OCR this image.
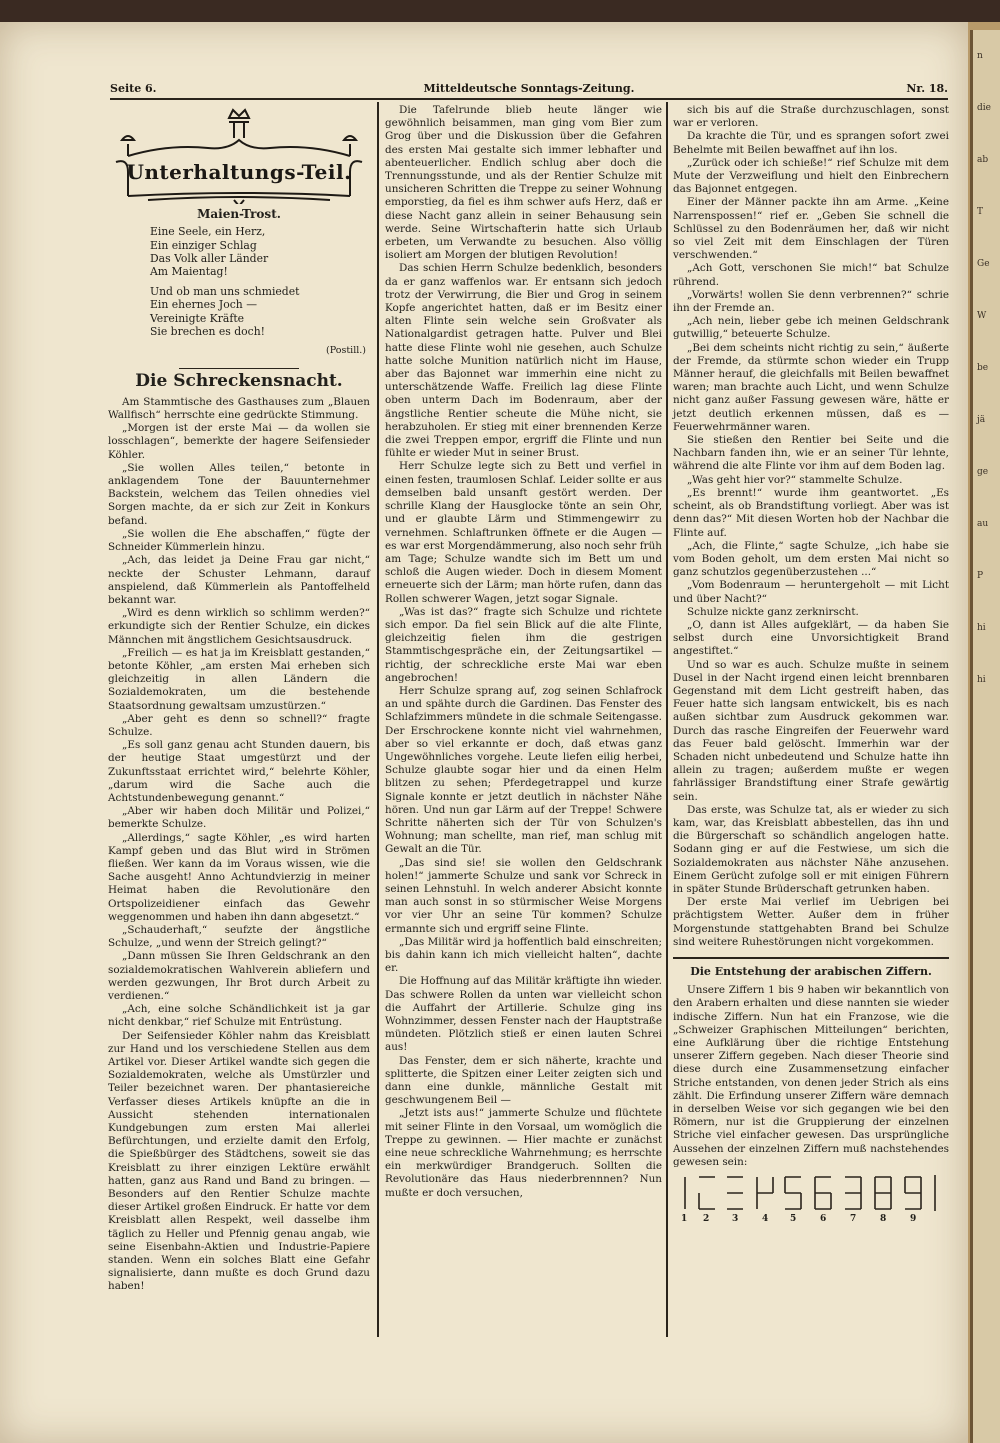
n
die
ab
T
Ge
W
be
jä
ge
au
P
hi
hi
Seite 6.	Mitteldeutsche Sonntags-Zeitung.	Nr. 18.
Unterhaltungs-Teil.
Maien-Trost.
Eine Seele, ein Herz,
Ein einziger Schlag
Das Volk aller Länder
Am Maientag!
Und ob man uns schmiedet
Ein ehernes Joch —
Vereinigte Kräfte
Sie brechen es doch!
(Postill.)
Die Schreckensnacht.

Am Stammtische des Gasthauses zum „Blauen Wallfisch“ herrschte eine gedrückte Stimmung.

„Morgen ist der erste Mai — da wollen sie losschlagen“, bemerkte der hagere Seifensieder Köhler.

„Sie wollen Alles teilen,“ betonte in anklagendem Tone der Bauunternehmer Backstein, welchem das Teilen ohnedies viel Sorgen machte, da er sich zur Zeit in Konkurs befand.

„Sie wollen die Ehe abschaffen,“ fügte der Schneider Kümmerlein hinzu.

„Ach, das leidet ja Deine Frau gar nicht,“ neckte der Schuster Lehmann, darauf anspielend, daß Kümmerlein als Pantoffelheld bekannt war.

„Wird es denn wirklich so schlimm werden?“ erkundigte sich der Rentier Schulze, ein dickes Männchen mit ängstlichem Gesichtsausdruck.

„Freilich — es hat ja im Kreisblatt gestanden,“ betonte Köhler, „am ersten Mai erheben sich gleichzeitig in allen Ländern die Sozialdemokraten, um die bestehende Staatsordnung gewaltsam umzustürzen.“

„Aber geht es denn so schnell?“ fragte Schulze.

„Es soll ganz genau acht Stunden dauern, bis der heutige Staat umgestürzt und der Zukunftsstaat errichtet wird,“ belehrte Köhler, „darum wird die Sache auch die Achtstundenbewegung genannt.“

„Aber wir haben doch Militär und Polizei,“ bemerkte Schulze.

„Allerdings,“ sagte Köhler, „es wird harten Kampf geben und das Blut wird in Strömen fließen. Wer kann da im Voraus wissen, wie die Sache ausgeht! Anno Achtundvierzig in meiner Heimat haben die Revolutionäre den Ortspolizeidiener einfach das Gewehr weggenommen und haben ihn dann abgesetzt.“

„Schauderhaft,“ seufzte der ängstliche Schulze, „und wenn der Streich gelingt?“

„Dann müssen Sie Ihren Geldschrank an den sozialdemokratischen Wahlverein abliefern und werden gezwungen, Ihr Brot durch Arbeit zu verdienen.“

„Ach, eine solche Schändlichkeit ist ja gar nicht denkbar,“ rief Schulze mit Entrüstung.

Der Seifensieder Köhler nahm das Kreisblatt zur Hand und los verschiedene Stellen aus dem Artikel vor. Dieser Artikel wandte sich gegen die Sozialdemokraten, welche als Umstürzler und Teiler bezeichnet waren. Der phantasiereiche Verfasser dieses Artikels knüpfte an die in Aussicht stehenden internationalen Kundgebungen zum ersten Mai allerlei Befürchtungen, und erzielte damit den Erfolg, die Spießbürger des Städtchens, soweit sie das Kreisblatt zu ihrer einzigen Lektüre erwählt hatten, ganz aus Rand und Band zu bringen. — Besonders auf den Rentier Schulze machte dieser Artikel großen Eindruck. Er hatte vor dem Kreisblatt allen Respekt, weil dasselbe ihm täglich zu Heller und Pfennig genau angab, wie seine Eisenbahn-Aktien und Industrie-Papiere standen. Wenn ein solches Blatt eine Gefahr signalisierte, dann mußte es doch Grund dazu haben!

Die Tafelrunde blieb heute länger wie gewöhnlich beisammen, man ging vom Bier zum Grog über und die Diskussion über die Gefahren des ersten Mai gestalte sich immer lebhafter und abenteuerlicher. Endlich schlug aber doch die Trennungsstunde, und als der Rentier Schulze mit unsicheren Schritten die Treppe zu seiner Wohnung emporstieg, da fiel es ihm schwer aufs Herz, daß er diese Nacht ganz allein in seiner Behausung sein werde. Seine Wirtschafterin hatte sich Urlaub erbeten, um Verwandte zu besuchen. Also völlig isoliert am Morgen der blutigen Revolution!

Das schien Herrn Schulze bedenklich, besonders da er ganz waffenlos war. Er entsann sich jedoch trotz der Verwirrung, die Bier und Grog in seinem Kopfe angerichtet hatten, daß er im Besitz einer alten Flinte sein welche sein Großvater als Nationalgardist getragen hatte. Pulver und Blei hatte diese Flinte wohl nie gesehen, auch Schulze hatte solche Munition natürlich nicht im Hause, aber das Bajonnet war immerhin eine nicht zu unterschätzende Waffe. Freilich lag diese Flinte oben unterm Dach im Bodenraum, aber der ängstliche Rentier scheute die Mühe nicht, sie herabzuholen. Er stieg mit einer brennenden Kerze die zwei Treppen empor, ergriff die Flinte und nun fühlte er wieder Mut in seiner Brust.

Herr Schulze legte sich zu Bett und verfiel in einen festen, traumlosen Schlaf. Leider sollte er aus demselben bald unsanft gestört werden. Der schrille Klang der Hausglocke tönte an sein Ohr, und er glaubte Lärm und Stimmengewirr zu vernehmen. Schlaftrunken öffnete er die Augen — es war erst Morgendämmerung, also noch sehr früh am Tage; Schulze wandte sich im Bett um und schloß die Augen wieder. Doch in diesem Moment erneuerte sich der Lärm; man hörte rufen, dann das Rollen schwerer Wagen, jetzt sogar Signale.

„Was ist das?“ fragte sich Schulze und richtete sich empor. Da fiel sein Blick auf die alte Flinte, gleichzeitig fielen ihm die gestrigen Stammtischgespräche ein, der Zeitungsartikel — richtig, der schreckliche erste Mai war eben angebrochen!

Herr Schulze sprang auf, zog seinen Schlafrock an und spähte durch die Gardinen. Das Fenster des Schlafzimmers mündete in die schmale Seitengasse. Der Erschrockene konnte nicht viel wahrnehmen, aber so viel erkannte er doch, daß etwas ganz Ungewöhnliches vorgehe. Leute liefen eilig herbei, Schulze glaubte sogar hier und da einen Helm blitzen zu sehen; Pferdegetrappel und kurze Signale konnte er jetzt deutlich in nächster Nähe hören. Und nun gar Lärm auf der Treppe! Schwere Schritte näherten sich der Tür von Schulzen's Wohnung; man schellte, man rief, man schlug mit Gewalt an die Tür.

„Das sind sie! sie wollen den Geldschrank holen!“ jammerte Schulze und sank vor Schreck in seinen Lehnstuhl. In welch anderer Absicht konnte man auch sonst in so stürmischer Weise Morgens vor vier Uhr an seine Tür kommen? Schulze ermannte sich und ergriff seine Flinte.

„Das Militär wird ja hoffentlich bald einschreiten; bis dahin kann ich mich vielleicht halten“, dachte er.

Die Hoffnung auf das Militär kräftigte ihn wieder. Das schwere Rollen da unten war vielleicht schon die Auffahrt der Artillerie. Schulze ging ins Wohnzimmer, dessen Fenster nach der Hauptstraße mündeten. Plötzlich stieß er einen lauten Schrei aus!

Das Fenster, dem er sich näherte, krachte und splitterte, die Spitzen einer Leiter zeigten sich und dann eine dunkle, männliche Gestalt mit geschwungenem Beil —

„Jetzt ists aus!“ jammerte Schulze und flüchtete mit seiner Flinte in den Vorsaal, um womöglich die Treppe zu gewinnen. — Hier machte er zunächst eine neue schreckliche Wahrnehmung; es herrschte ein merkwürdiger Brandgeruch. Sollten die Revolutionäre das Haus niederbrennnen? Nun mußte er doch versuchen,

sich bis auf die Straße durchzuschlagen, sonst war er verloren.

Da krachte die Tür, und es sprangen sofort zwei Behelmte mit Beilen bewaffnet auf ihn los.

„Zurück oder ich schieße!“ rief Schulze mit dem Mute der Verzweiflung und hielt den Einbrechern das Bajonnet entgegen.

Einer der Männer packte ihn am Arme. „Keine Narrenspossen!“ rief er. „Geben Sie schnell die Schlüssel zu den Bodenräumen her, daß wir nicht so viel Zeit mit dem Einschlagen der Türen verschwenden.“

„Ach Gott, verschonen Sie mich!“ bat Schulze rührend.

„Vorwärts! wollen Sie denn verbrennen?“ schrie ihn der Fremde an.

„Ach nein, lieber gebe ich meinen Geldschrank gutwillig,“ beteuerte Schulze.

„Bei dem scheints nicht richtig zu sein,“ äußerte der Fremde, da stürmte schon wieder ein Trupp Männer herauf, die gleichfalls mit Beilen bewaffnet waren; man brachte auch Licht, und wenn Schulze nicht ganz außer Fassung gewesen wäre, hätte er jetzt deutlich erkennen müssen, daß es — Feuerwehrmänner waren.

Sie stießen den Rentier bei Seite und die Nachbarn fanden ihn, wie er an seiner Tür lehnte, während die alte Flinte vor ihm auf dem Boden lag.

„Was geht hier vor?“ stammelte Schulze.

„Es brennt!“ wurde ihm geantwortet. „Es scheint, als ob Brandstiftung vorliegt. Aber was ist denn das?“ Mit diesen Worten hob der Nachbar die Flinte auf.

„Ach, die Flinte,“ sagte Schulze, „ich habe sie vom Boden geholt, um dem ersten Mai nicht so ganz schutzlos gegenüberzustehen ...“

„Vom Bodenraum — heruntergeholt — mit Licht und über Nacht?“

Schulze nickte ganz zerknirscht.

„O, dann ist Alles aufgeklärt, — da haben Sie selbst durch eine Unvorsichtigkeit Brand angestiftet.“

Und so war es auch. Schulze mußte in seinem Dusel in der Nacht irgend einen leicht brennbaren Gegenstand mit dem Licht gestreift haben, das Feuer hatte sich langsam entwickelt, bis es nach außen sichtbar zum Ausdruck gekommen war. Durch das rasche Eingreifen der Feuerwehr ward das Feuer bald gelöscht. Immerhin war der Schaden nicht unbedeutend und Schulze hatte ihn allein zu tragen; außerdem mußte er wegen fahrlässiger Brandstiftung einer Strafe gewärtig sein.

Das erste, was Schulze tat, als er wieder zu sich kam, war, das Kreisblatt abbestellen, das ihn und die Bürgerschaft so schändlich angelogen hatte. Sodann ging er auf die Festwiese, um sich die Sozialdemokraten aus nächster Nähe anzusehen. Einem Gerücht zufolge soll er mit einigen Führern in später Stunde Brüderschaft getrunken haben.

Der erste Mai verlief im Uebrigen bei prächtigstem Wetter. Außer dem in früher Morgenstunde stattgehabten Brand bei Schulze sind weitere Ruhestörungen nicht vorgekommen.

Die Entstehung der arabischen Ziffern.

Unsere Ziffern 1 bis 9 haben wir bekanntlich von den Arabern erhalten und diese nannten sie wieder indische Ziffern. Nun hat ein Franzose, wie die „Schweizer Graphischen Mitteilungen“ berichten, eine Aufklärung über die richtige Entstehung unserer Ziffern gegeben. Nach dieser Theorie sind diese durch eine Zusammensetzung einfacher Striche entstanden, von denen jeder Strich als eins zählt. Die Erfindung unserer Ziffern wäre demnach in derselben Weise vor sich gegangen wie bei den Römern, nur ist die Gruppierung der einzelnen Striche viel einfacher gewesen. Das ursprüngliche Aussehen der einzelnen Ziffern muß nachstehendes gewesen sein:

1 2	3	4 5	6	7	8	9
